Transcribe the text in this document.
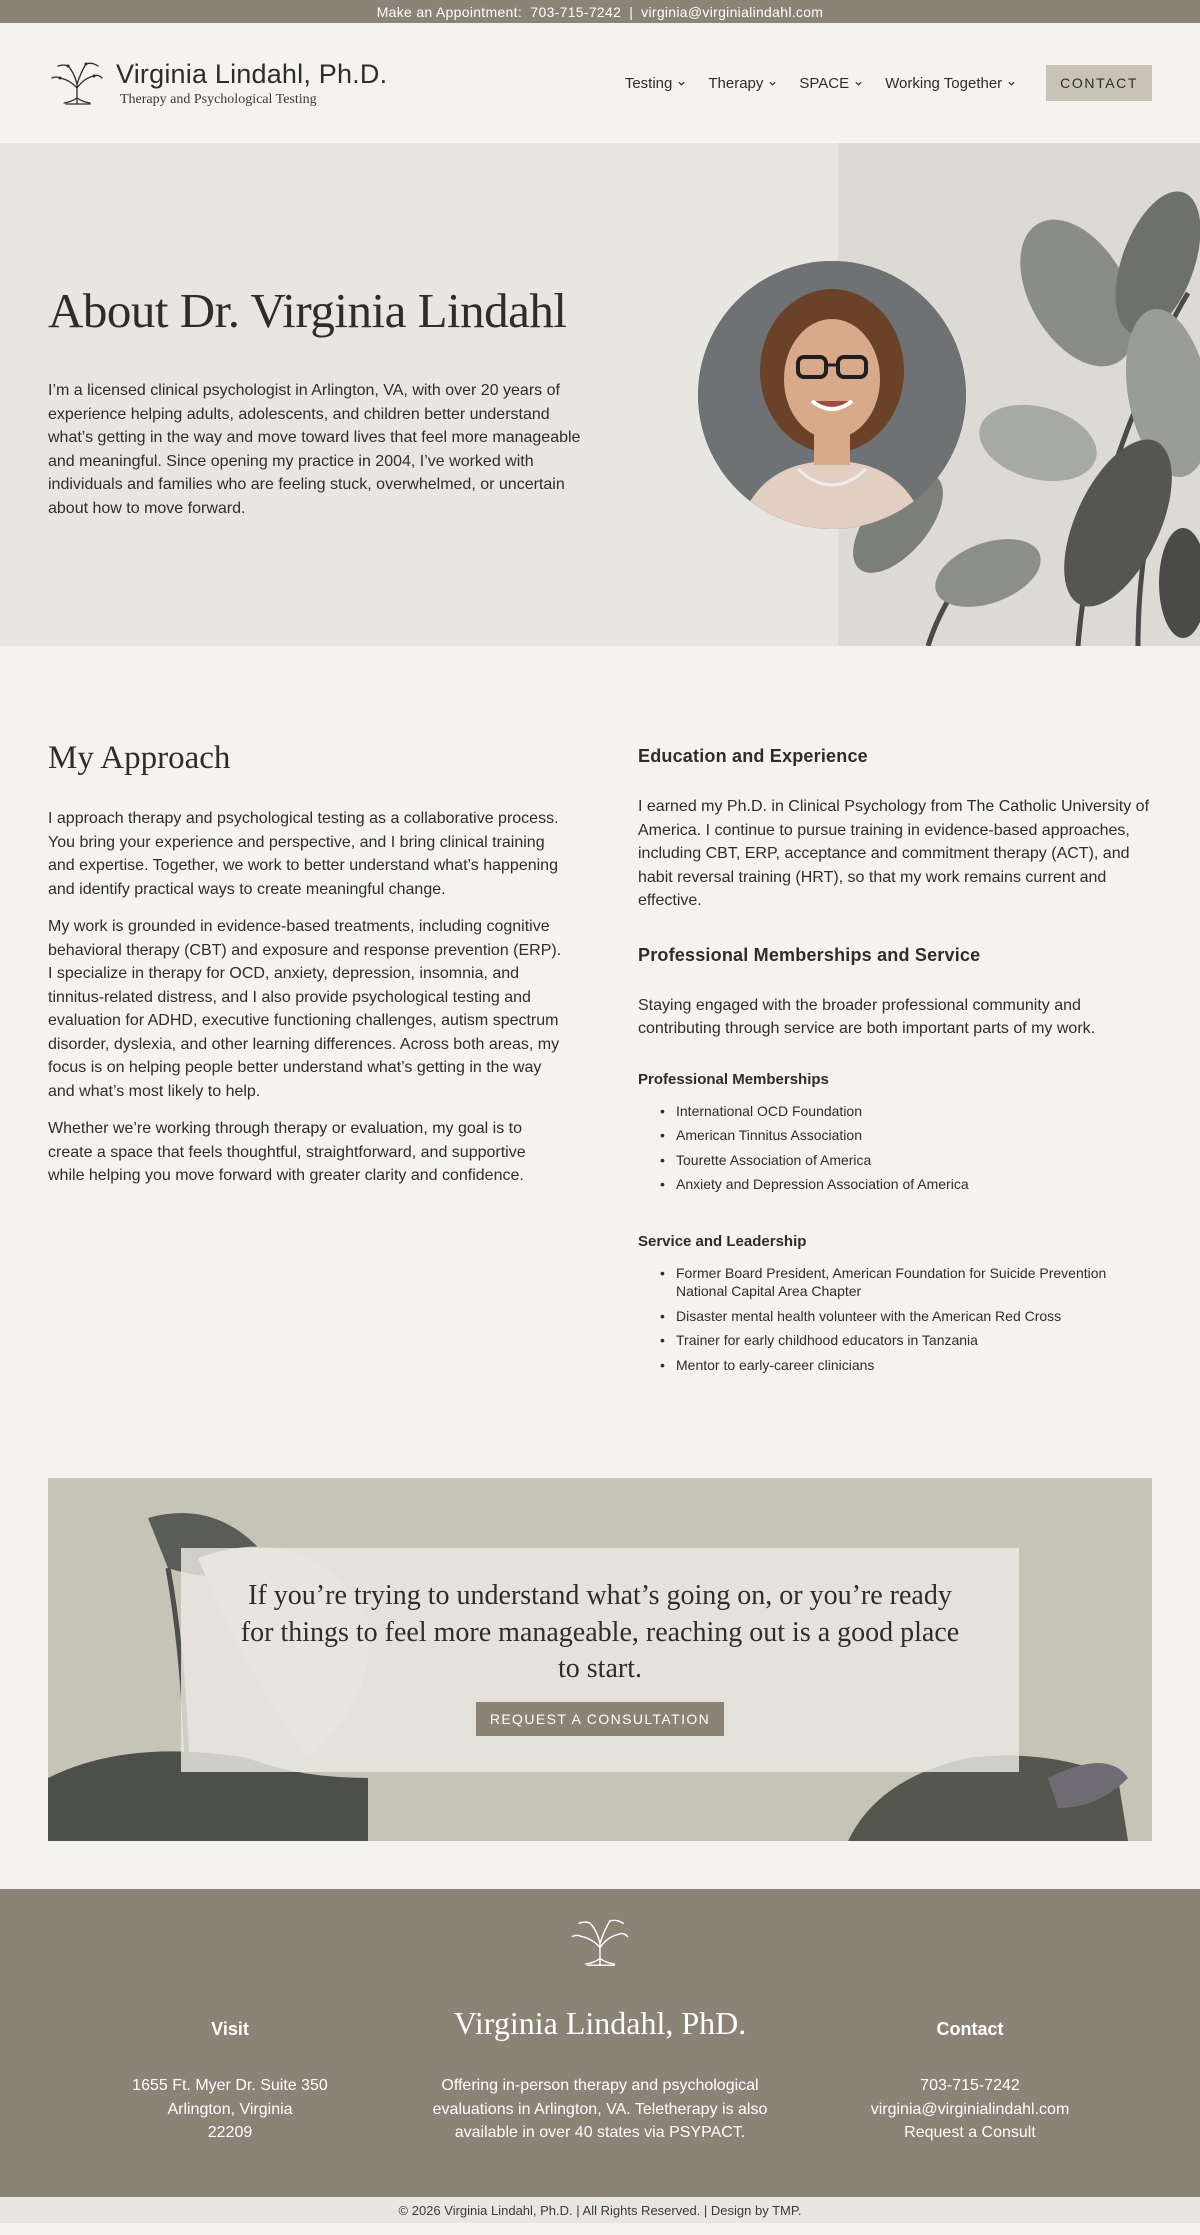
Make an Appointment:
703-715-7242 | virginia@virginialindahl.com
Virginia Lindahl, Ph.D.
Therapy and Psychological Testing
Testing Therapy SPACE Working Together	CONTACT
About Dr. Virginia Lindahl

I’m a licensed clinical psychologist in Arlington, VA, with over 20 years of experience helping adults, adolescents, and children better understand what’s getting in the way and move toward lives that feel more manageable and meaningful. Since opening my practice in 2004, I’ve worked with individuals and families who are feeling stuck, overwhelmed, or uncertain about how to move forward.

My Approach

I approach therapy and psychological testing as a collaborative process. You bring your experience and perspective, and I bring clinical training and expertise. Together, we work to better understand what’s happening and identify practical ways to create meaningful change.

My work is grounded in evidence-based treatments, including cognitive behavioral therapy (CBT) and exposure and response prevention (ERP). I specialize in therapy for OCD, anxiety, depression, insomnia, and tinnitus-related distress, and I also provide psychological testing and evaluation for ADHD, executive functioning challenges, autism spectrum disorder, dyslexia, and other learning differences. Across both areas, my focus is on helping people better understand what’s getting in the way and what’s most likely to help.

Whether we’re working through therapy or evaluation, my goal is to create a space that feels thoughtful, straightforward, and supportive while helping you move forward with greater clarity and confidence.

Education and Experience

I earned my Ph.D. in Clinical Psychology from The Catholic University of America. I continue to pursue training in evidence-based approaches, including CBT, ERP, acceptance and commitment therapy (ACT), and habit reversal training (HRT), so that my work remains current and effective.

Professional Memberships and Service

Staying engaged with the broader professional community and contributing through service are both important parts of my work.

Professional Memberships
• International OCD Foundation
• American Tinnitus Association
• Tourette Association of America
• Anxiety and Depression Association of America
Service and Leadership
• Former Board President, American Foundation for Suicide Prevention National Capital Area Chapter
• Disaster mental health volunteer with the American Red Cross
• Trainer for early childhood educators in Tanzania
• Mentor to early-career clinicians

If you’re trying to understand what’s going on, or you’re ready for things to feel more manageable, reaching out is a good place to start.

REQUEST A CONSULTATION
Visit

1655 Ft. Myer Dr. Suite 350

Arlington, Virginia

22209

Virginia Lindahl, PhD.

Offering in-person therapy and psychological evaluations in Arlington, VA. Teletherapy is also available in over 40 states via PSYPACT.

Contact

703-715-7242

virginia@virginialindahl.com

Request a Consult

© 2026 Virginia Lindahl, Ph.D. | All Rights Reserved. | Design by TMP.
